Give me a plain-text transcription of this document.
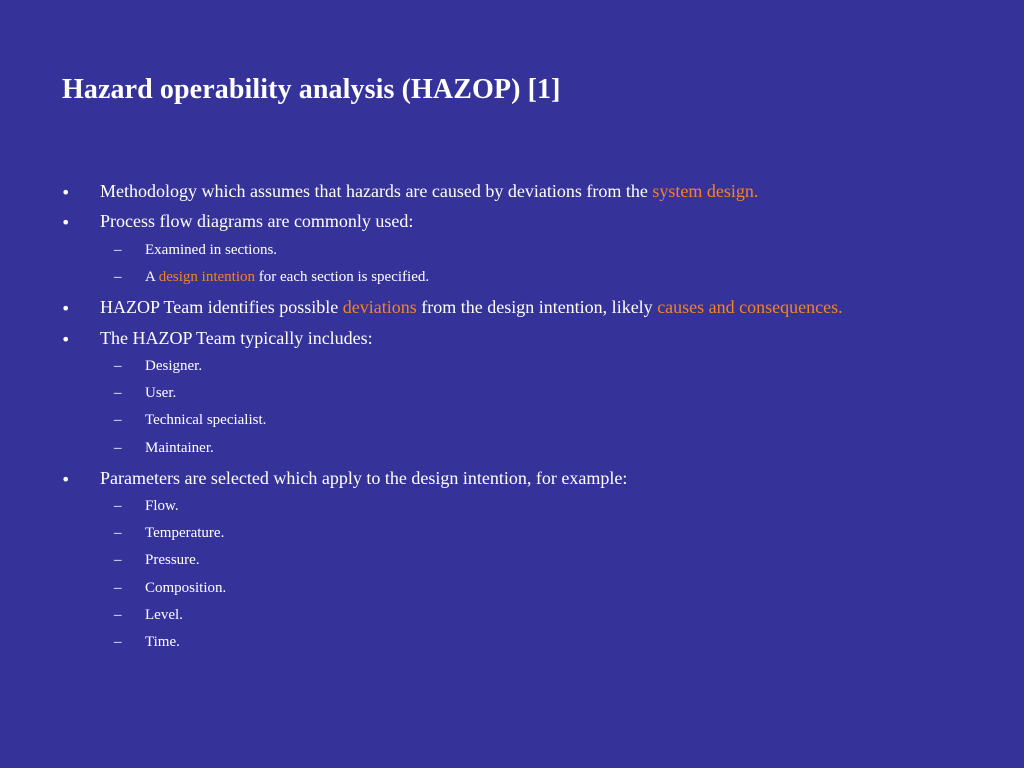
Hazard operability analysis (HAZOP) [1]
• Methodology which assumes that hazards are caused by deviations from the system design.
• Process flow diagrams are commonly used:
– Examined in sections.
– A design intention for each section is specified.
• HAZOP Team identifies possible deviations from the design intention, likely causes and consequences.
• The HAZOP Team typically includes:
– Designer.
– User.
– Technical specialist.
– Maintainer.
• Parameters are selected which apply to the design intention, for example:
– Flow.
– Temperature.
– Pressure.
– Composition.
– Level.
– Time.
